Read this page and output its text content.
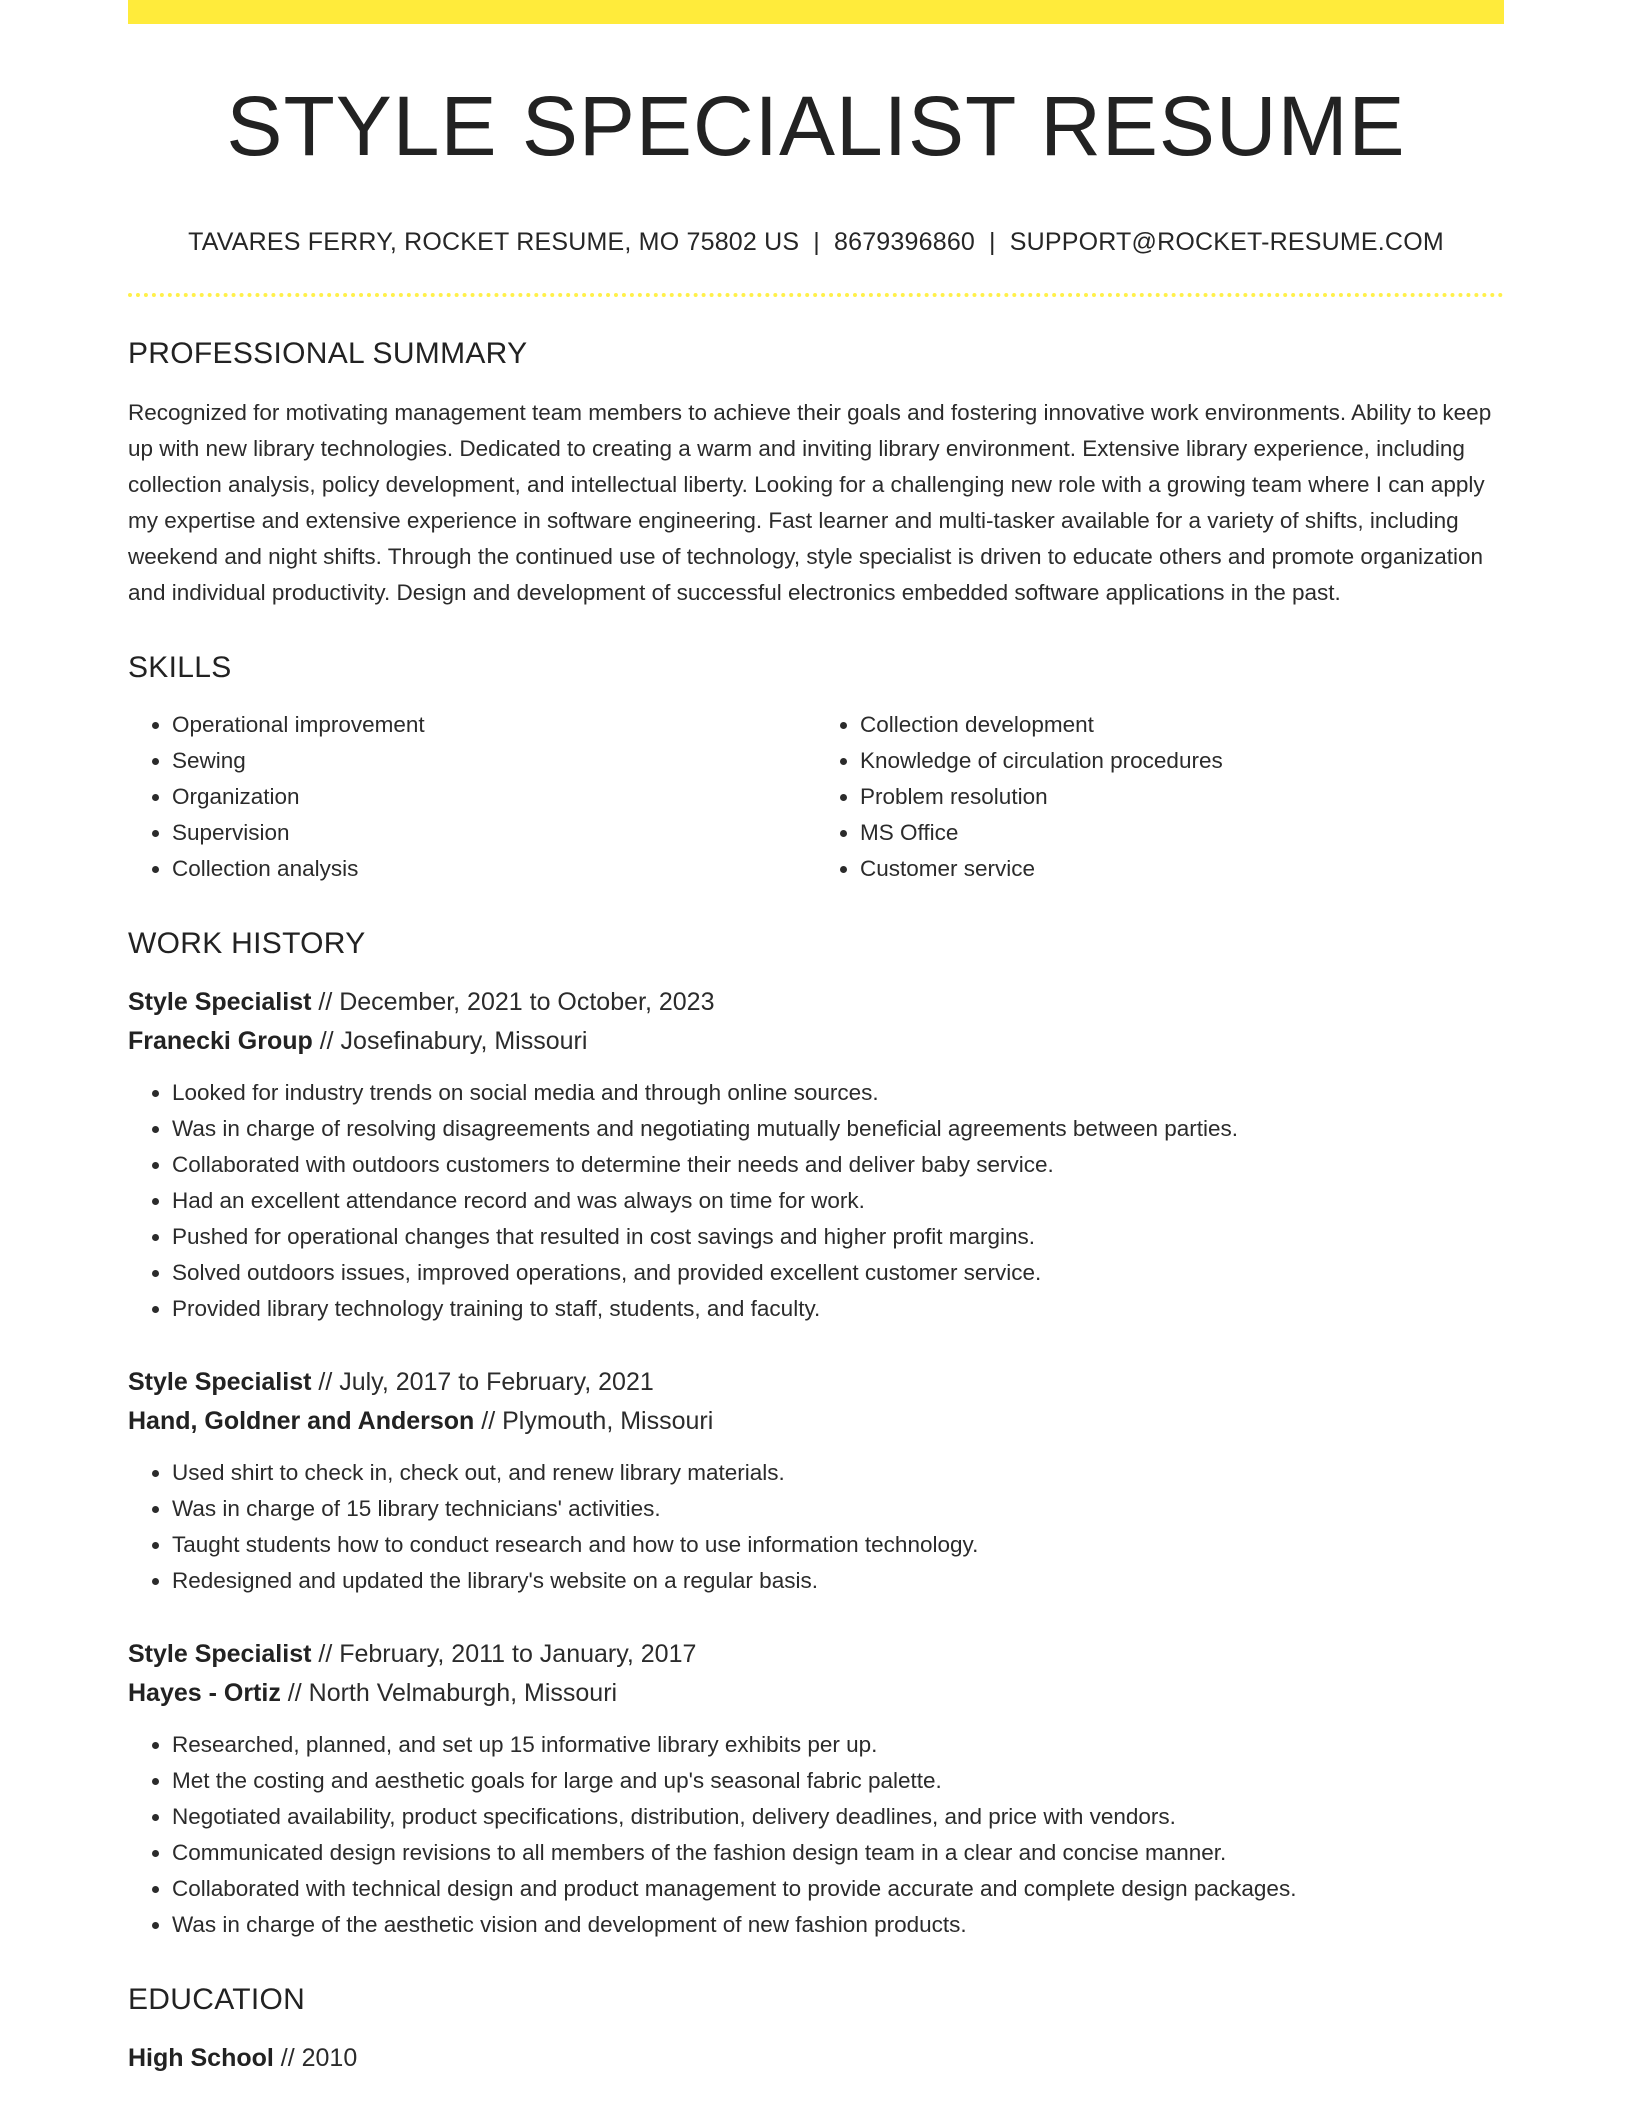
STYLE SPECIALIST RESUME
TAVARES FERRY, ROCKET RESUME, MO 75802 US | 8679396860 | SUPPORT@ROCKET-RESUME.COM
PROFESSIONAL SUMMARY
Recognized for motivating management team members to achieve their goals and fostering innovative work environments. Ability to keep up with new library technologies. Dedicated to creating a warm and inviting library environment. Extensive library experience, including collection analysis, policy development, and intellectual liberty. Looking for a challenging new role with a growing team where I can apply my expertise and extensive experience in software engineering. Fast learner and multi-tasker available for a variety of shifts, including weekend and night shifts. Through the continued use of technology, style specialist is driven to educate others and promote organization and individual productivity. Design and development of successful electronics embedded software applications in the past.
SKILLS
• Operational improvement
• Sewing
• Organization
• Supervision
• Collection analysis
• Collection development
• Knowledge of circulation procedures
• Problem resolution
• MS Office
• Customer service
WORK HISTORY
Style Specialist // December, 2021 to October, 2023
Franecki Group // Josefinabury, Missouri
• Looked for industry trends on social media and through online sources.
• Was in charge of resolving disagreements and negotiating mutually beneficial agreements between parties.
• Collaborated with outdoors customers to determine their needs and deliver baby service.
• Had an excellent attendance record and was always on time for work.
• Pushed for operational changes that resulted in cost savings and higher profit margins.
• Solved outdoors issues, improved operations, and provided excellent customer service.
• Provided library technology training to staff, students, and faculty.
Style Specialist // July, 2017 to February, 2021
Hand, Goldner and Anderson // Plymouth, Missouri
• Used shirt to check in, check out, and renew library materials.
• Was in charge of 15 library technicians' activities.
• Taught students how to conduct research and how to use information technology.
• Redesigned and updated the library's website on a regular basis.
Style Specialist // February, 2011 to January, 2017
Hayes - Ortiz // North Velmaburgh, Missouri
• Researched, planned, and set up 15 informative library exhibits per up.
• Met the costing and aesthetic goals for large and up's seasonal fabric palette.
• Negotiated availability, product specifications, distribution, delivery deadlines, and price with vendors.
• Communicated design revisions to all members of the fashion design team in a clear and concise manner.
• Collaborated with technical design and product management to provide accurate and complete design packages.
• Was in charge of the aesthetic vision and development of new fashion products.
EDUCATION
High School // 2010
